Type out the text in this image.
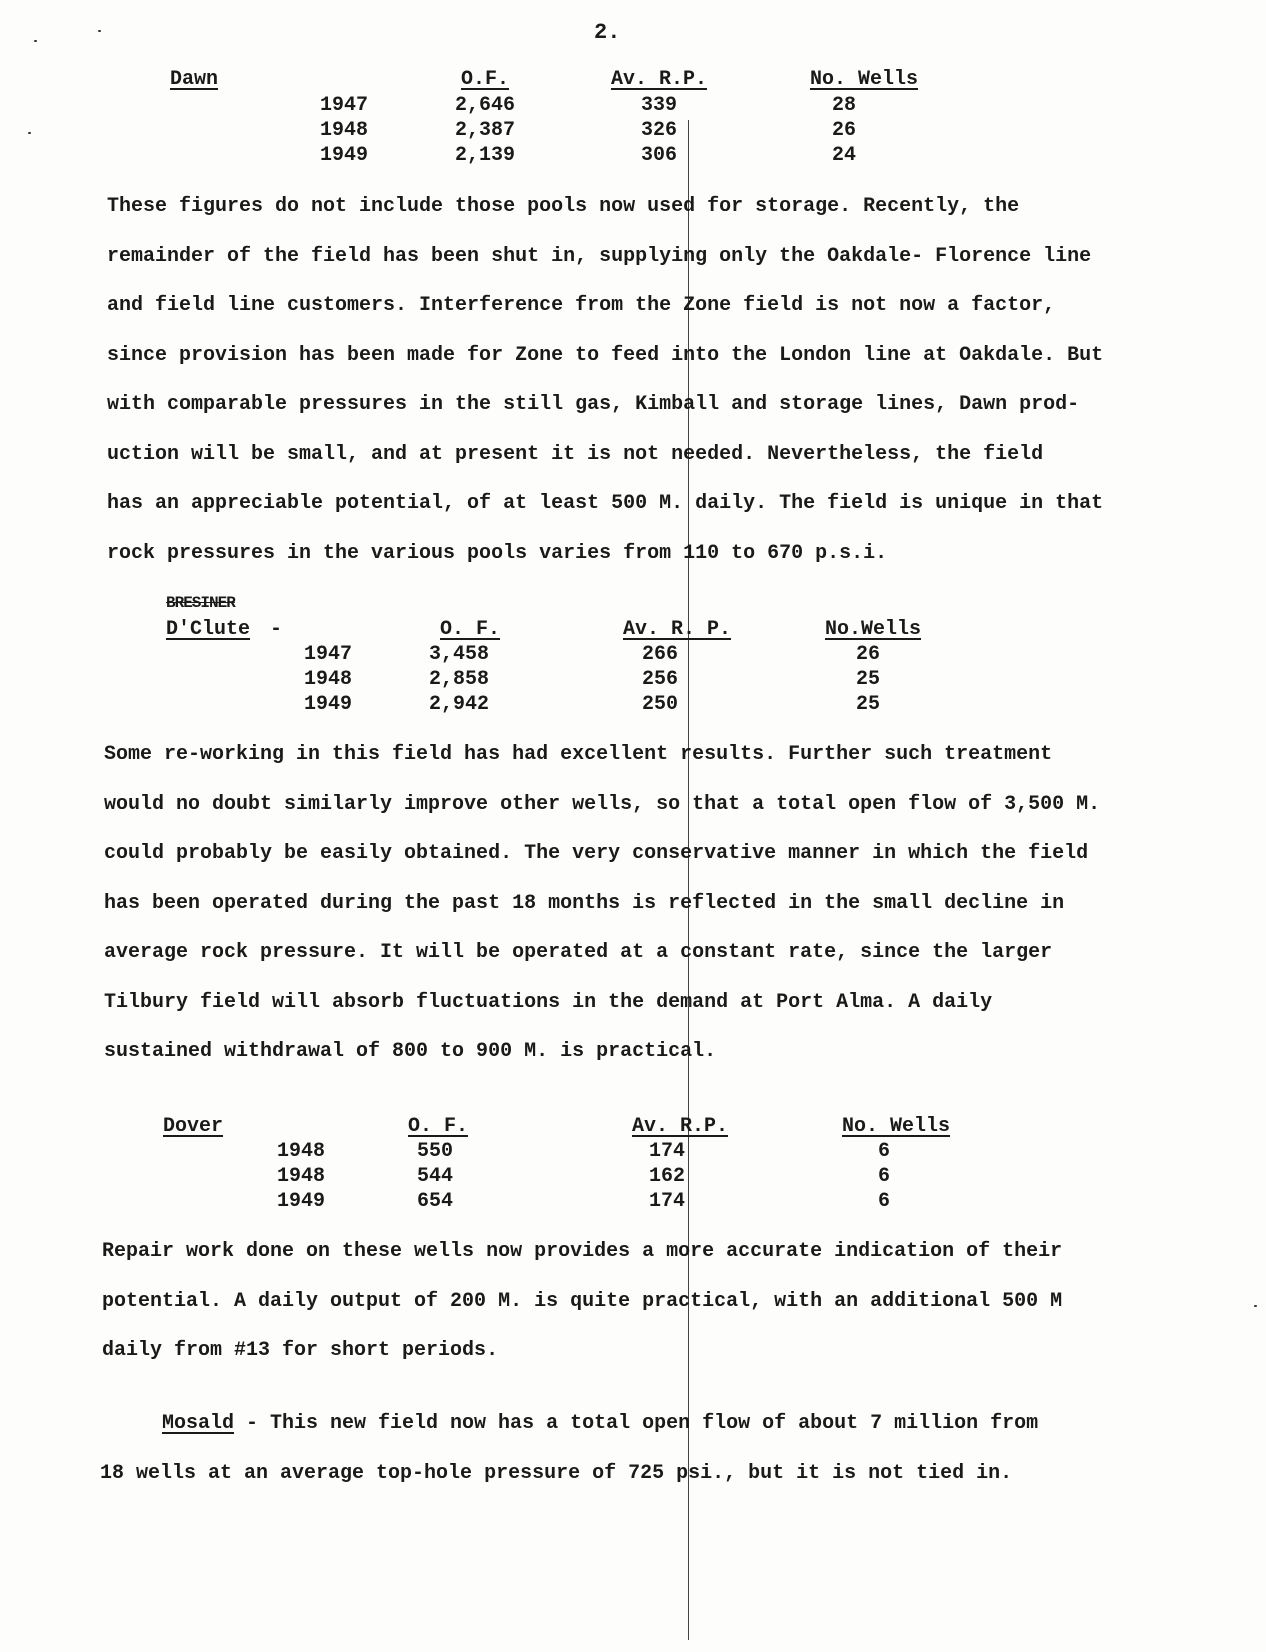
2.
Dawn	O.F.	Av. R.P.	No. Wells
1947	2,646	339	28
1948	2,387	326	26
1949	2,139	306	24
These figures do not include those pools now used for storage. Recently, the
remainder of the field has been shut in, supplying only the Oakdale- Florence line
and field line customers. Interference from the Zone field is not now a factor,
since provision has been made for Zone to feed into the London line at Oakdale. But
with comparable pressures in the still gas, Kimball and storage lines, Dawn prod-
uction will be small, and at present it is not needed. Nevertheless, the field
has an appreciable potential, of at least 500 M. daily. The field is unique in that
rock pressures in the various pools varies from 110 to 670 p.s.i.
BRESINER
D'Clute -	O. F.	Av. R. P.	No.Wells
1947	3,458	266	26
1948	2,858	256	25
1949	2,942	250	25
Some re-working in this field has had excellent results. Further such treatment
would no doubt similarly improve other wells, so that a total open flow of 3,500 M.
could probably be easily obtained. The very conservative manner in which the field
has been operated during the past 18 months is reflected in the small decline in
average rock pressure. It will be operated at a constant rate, since the larger
Tilbury field will absorb fluctuations in the demand at Port Alma. A daily
sustained withdrawal of 800 to 900 M. is practical.
Dover	O. F.	Av. R.P.	No. Wells
1948	550	174	6
1948	544	162	6
1949	654	174	6
Repair work done on these wells now provides a more accurate indication of their
potential. A daily output of 200 M. is quite practical, with an additional 500 M
daily from #13 for short periods.
Mosald - This new field now has a total open flow of about 7 million from
18 wells at an average top-hole pressure of 725 psi., but it is not tied in.
